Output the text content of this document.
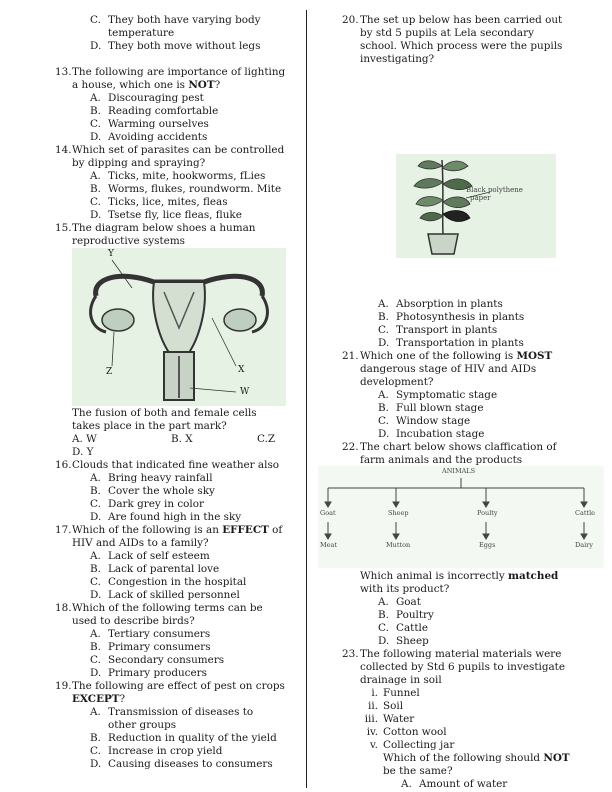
C. They both have varying body
temperature
D. They both move without legs
13. The following are importance of lighting
a house, which one is NOT?
A. Discouraging pest
B. Reading comfortable
C. Warming ourselves
D. Avoiding accidents
14. Which set of parasites can be controlled
by dipping and spraying?
A. Ticks, mite, hookworms, fLies
B. Worms, flukes, roundworm. Mite
C. Ticks, lice, mites, fleas
D. Tsetse fly, lice fleas, fluke
15. The diagram below shoes a human
reproductive systems
Y
Z	X
W
The fusion of both and female cells
takes place in the part mark?
A. W	B. X	C.Z
D. Y
16. Clouds that indicated fine weather also
A. Bring heavy rainfall
B. Cover the whole sky
C. Dark grey in color
D. Are found high in the sky
17. Which of the following is an EFFECT of
HIV and AIDs to a family?
A. Lack of self esteem
B. Lack of parental love
C. Congestion in the hospital
D. Lack of skilled personnel
18. Which of the following terms can be
used to describe birds?
A. Tertiary consumers
B. Primary consumers
C. Secondary consumers
D. Primary producers
19. The following are effect of pest on crops
EXCEPT?
A. Transmission of diseases to
other groups
B. Reduction in quality of the yield
C. Increase in crop yield
D. Causing diseases to consumers
20. The set up below has been carried out
by std 5 pupils at Lela secondary
school. Which process were the pupils
investigating?
Black polythene
paper
A. Absorption in plants
B. Photosynthesis in plants
C. Transport in plants
D. Transportation in plants
21. Which one of the following is MOST
dangerous stage of HIV and AIDs
development?
A. Symptomatic stage
B. Full blown stage
C. Window stage
D. Incubation stage
22. The chart below shows claffication of
farm animals and the products
ANIMALS
Goat	Sheep	Poulty	Cattle
Meat	Mutton	Eggs	Dairy
Which animal is incorrectly matched
with its product?
A. Goat
B. Poultry
C. Cattle
D. Sheep
23. The following material materials were
collected by Std 6 pupils to investigate
drainage in soil
i. Funnel
ii. Soil
iii. Water
iv. Cotton wool
v. Collecting jar
Which of the following should NOT
be the same?
A. Amount of water
